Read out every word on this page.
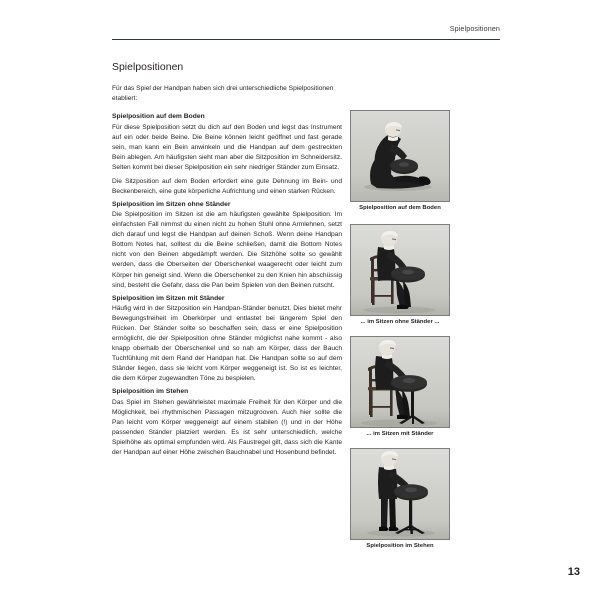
Spielpositionen
Spielpositionen

Für das Spiel der Handpan haben sich drei unterschiedliche Spielpositionen etabliert:

Spielposition auf dem Boden

Für diese Spielposition setzt du dich auf den Boden und legst das Instrument auf ein oder beide Beine. Die Beine können leicht geöffnet und fast gerade sein, man kann ein Bein anwinkeln und die Handpan auf dem gestreckten Bein ablegen. Am häufigsten sieht man aber die Sitzposition im Schneidersitz. Selten kommt bei dieser Spielposition ein sehr niedriger Ständer zum Einsatz.

Die Sitzposition auf dem Boden erfordert eine gute Dehnung im Bein- und Beckenbereich, eine gute körperliche Aufrichtung und einen starken Rücken.

Spielposition im Sitzen ohne Ständer

Die Spielposition im Sitzen ist die am häufigsten gewählte Spielposition. Im einfachsten Fall nimmst du einen nicht zu hohen Stuhl ohne Armlehnen, setzt dich darauf und legst die Handpan auf deinen Schoß. Wenn deine Handpan Bottom Notes hat, solltest du die Beine schließen, damit die Bottom Notes nicht von den Beinen abgedämpft werden. Die Sitzhöhe sollte so gewählt werden, dass die Oberseiten der Oberschenkel waagerecht oder leicht zum Körper hin geneigt sind. Wenn die Oberschenkel zu den Knien hin abschüssig sind, besteht die Gefahr, dass die Pan beim Spielen von den Beinen rutscht.

Spielposition im Sitzen mit Ständer

Häufig wird in der Sitzposition ein Handpan-Ständer benutzt. Dies bietet mehr Bewegungsfreiheit im Oberkörper und entlastet bei längerem Spiel den Rücken. Der Ständer sollte so beschaffen sein, dass er eine Spielposition ermöglicht, die der Spielposition ohne Ständer möglichst nahe kommt - also knapp oberhalb der Oberschenkel und so nah am Körper, dass der Bauch Tuchfühlung mit dem Rand der Handpan hat. Die Handpan sollte so auf dem Ständer liegen, dass sie leicht vom Körper weggeneigt ist. So ist es leichter, die dem Körper zugewandten Töne zu bespielen.

Spielposition im Stehen

Das Spiel im Stehen gewährleistet maximale Freiheit für den Körper und die Möglichkeit, bei rhythmischen Passagen mitzugrooven. Auch hier sollte die Pan leicht vom Körper weggeneigt auf einem stabilen (!) und in der Höhe passenden Ständer platziert werden. Es ist sehr unterschiedlich, welche Spielhöhe als optimal empfunden wird. Als Faustregel gilt, dass sich die Kante der Handpan auf einer Höhe zwischen Bauchnabel und Hosenbund befindet.

Spielposition auf dem Boden
... im Sitzen ohne Ständer ...
... im Sitzen mit Ständer
Spielposition im Stehen
13
